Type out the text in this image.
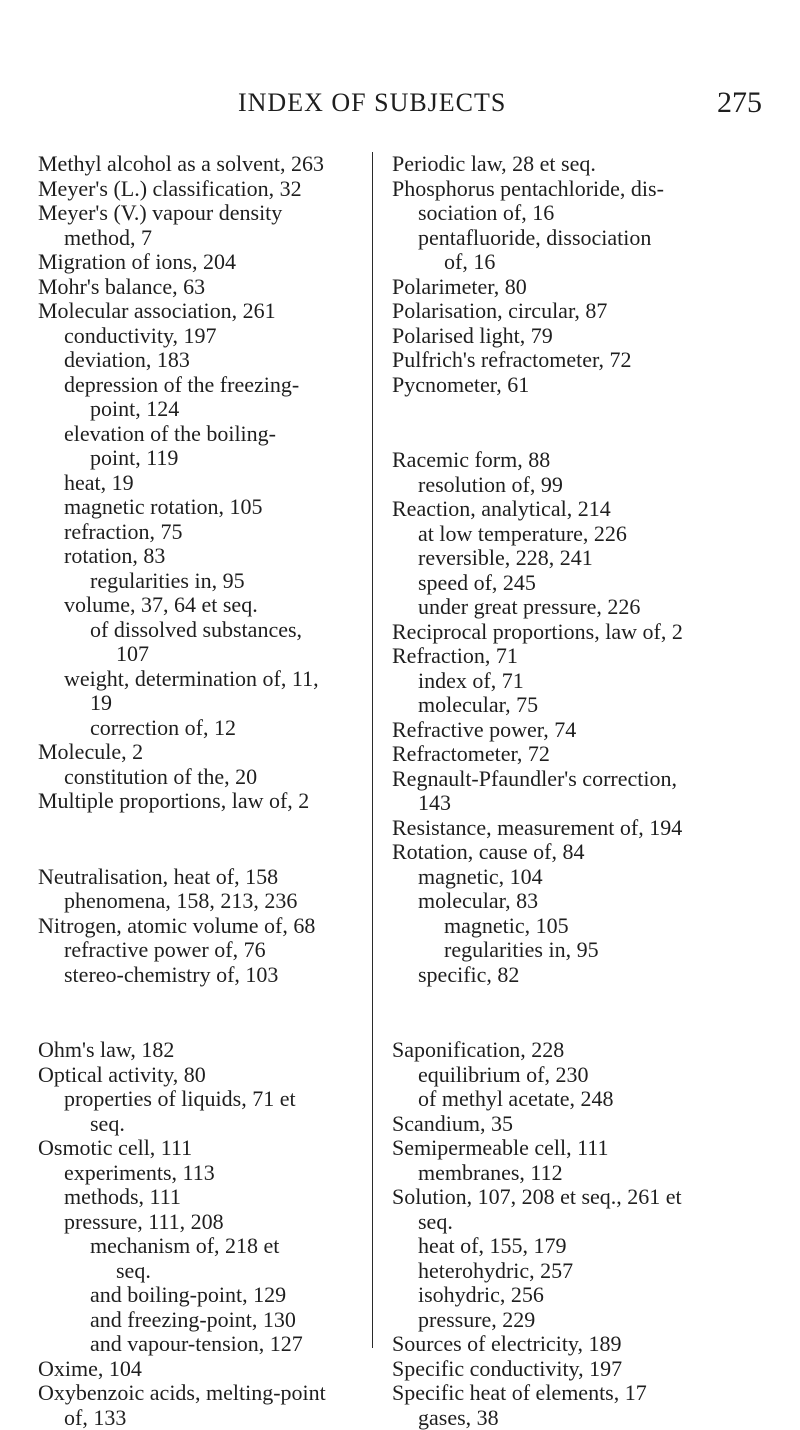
INDEX OF SUBJECTS	275
Methyl alcohol as a solvent, 263
Meyer's (L.) classification, 32
Meyer's (V.) vapour density
method, 7
Migration of ions, 204
Mohr's balance, 63
Molecular association, 261
conductivity, 197
deviation, 183
depression of the freezing-
point, 124
elevation of the boiling-
point, 119
heat, 19
magnetic rotation, 105
refraction, 75
rotation, 83
regularities in, 95
volume, 37, 64 et seq.
of dissolved substances,
107
weight, determination of, 11,
19
correction of, 12
Molecule, 2
constitution of the, 20
Multiple proportions, law of, 2
Neutralisation, heat of, 158
phenomena, 158, 213, 236
Nitrogen, atomic volume of, 68
refractive power of, 76
stereo-chemistry of, 103
Ohm's law, 182
Optical activity, 80
properties of liquids, 71 et
seq.
Osmotic cell, 111
experiments, 113
methods, 111
pressure, 111, 208
mechanism of, 218 et
seq.
and boiling-point, 129
and freezing-point, 130
and vapour-tension, 127
Oxime, 104
Oxybenzoic acids, melting-point
of, 133
Periodic law, 28 et seq.
Phosphorus pentachloride, dis-
sociation of, 16
pentafluoride, dissociation
of, 16
Polarimeter, 80
Polarisation, circular, 87
Polarised light, 79
Pulfrich's refractometer, 72
Pycnometer, 61
Racemic form, 88
resolution of, 99
Reaction, analytical, 214
at low temperature, 226
reversible, 228, 241
speed of, 245
under great pressure, 226
Reciprocal proportions, law of, 2
Refraction, 71
index of, 71
molecular, 75
Refractive power, 74
Refractometer, 72
Regnault-Pfaundler's correction,
143
Resistance, measurement of, 194
Rotation, cause of, 84
magnetic, 104
molecular, 83
magnetic, 105
regularities in, 95
specific, 82
Saponification, 228
equilibrium of, 230
of methyl acetate, 248
Scandium, 35
Semipermeable cell, 111
membranes, 112
Solution, 107, 208 et seq., 261 et
seq.
heat of, 155, 179
heterohydric, 257
isohydric, 256
pressure, 229
Sources of electricity, 189
Specific conductivity, 197
Specific heat of elements, 17
gases, 38
